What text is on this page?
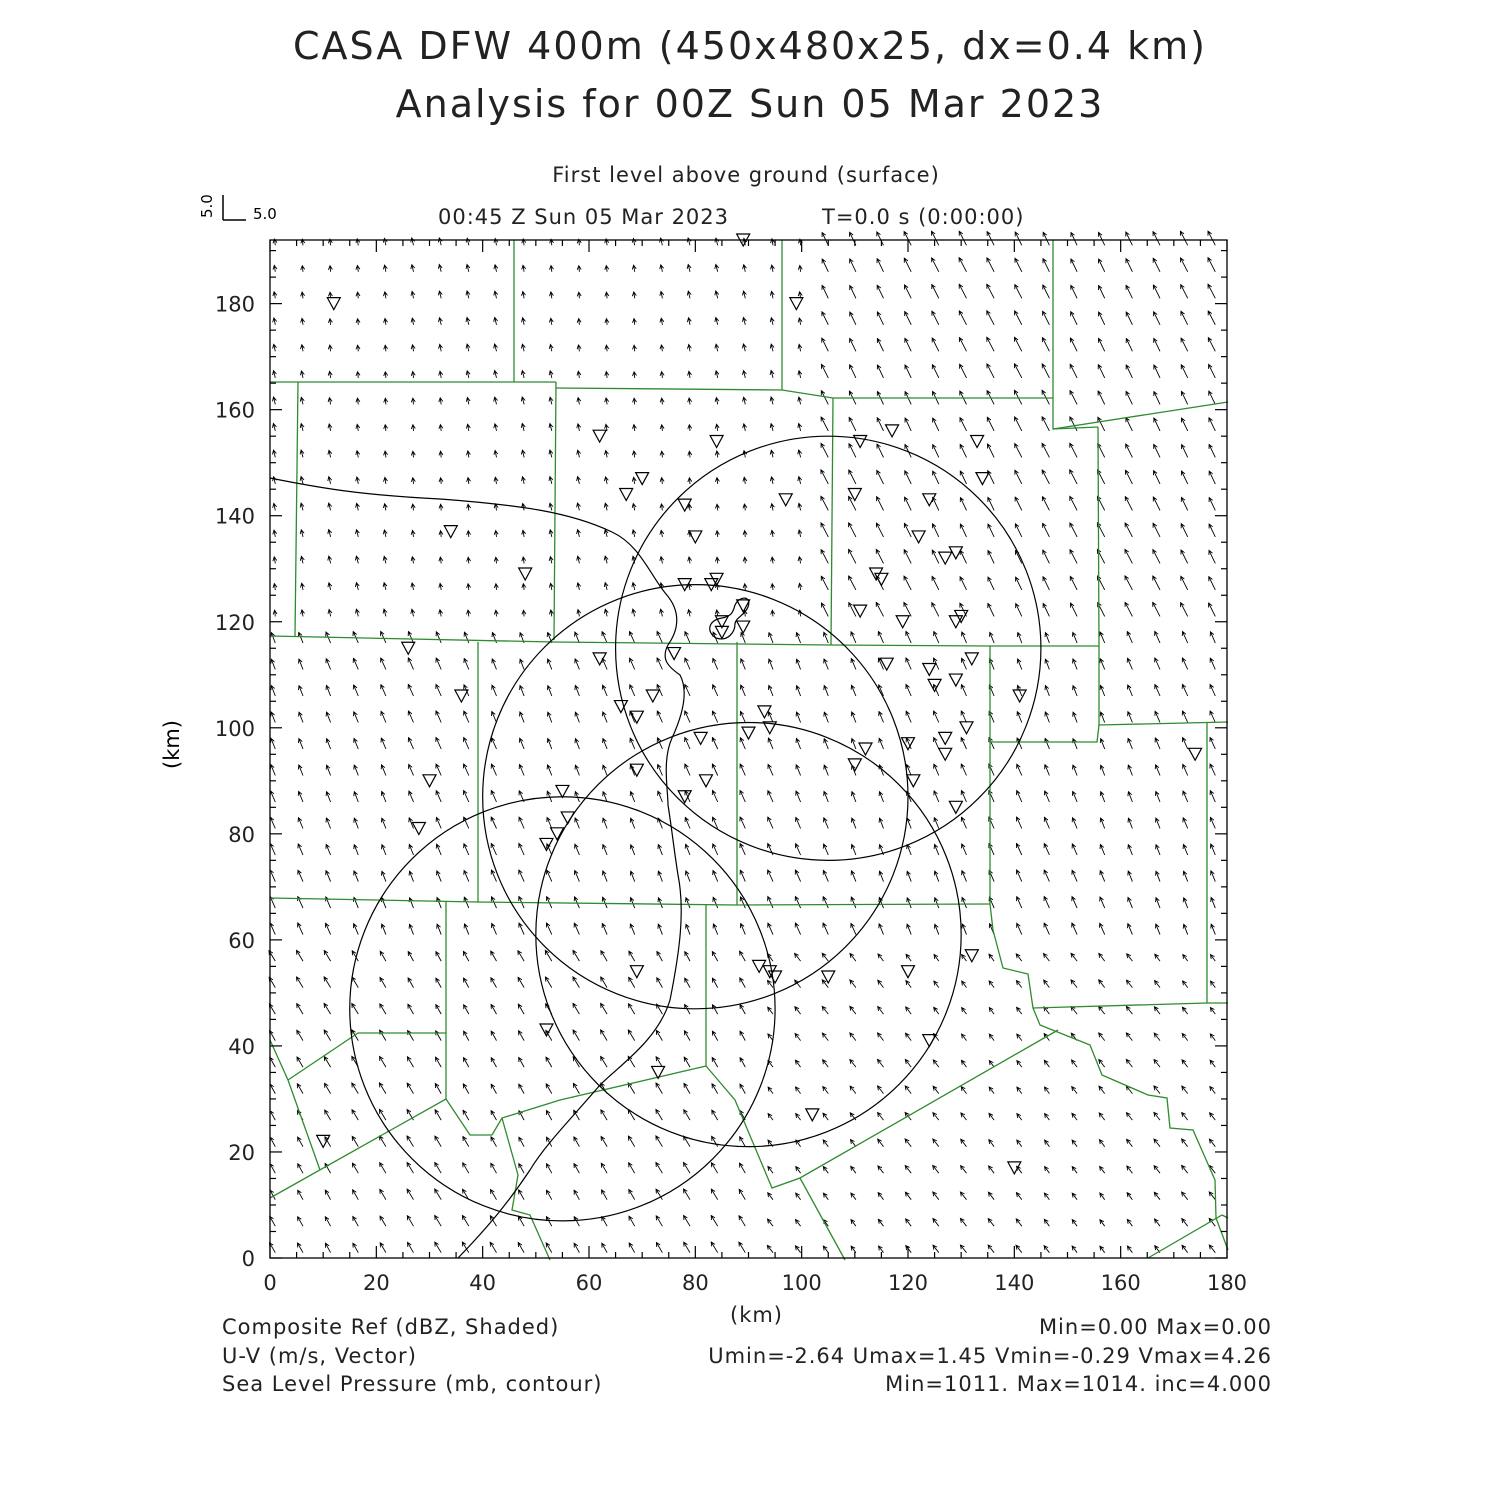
CASA DFW 400m (450x480x25, dx=0.4 km)
Analysis for 00Z Sun 05 Mar 2023
First level above ground (surface)
00:45 Z Sun 05 Mar 2023	T=0.0 s (0:00:00)
5.0
5.0
(km)
0	20	40	60	80	100	120	140	160	180
0
20
40
60
80
100
120
140
160
180
(km)
Composite Ref (dBZ, Shaded)	Min=0.00 Max=0.00
U-V (m/s, Vector)	Umin=-2.64 Umax=1.45 Vmin=-0.29 Vmax=4.26
Sea Level Pressure (mb, contour)	Min=1011. Max=1014. inc=4.000
